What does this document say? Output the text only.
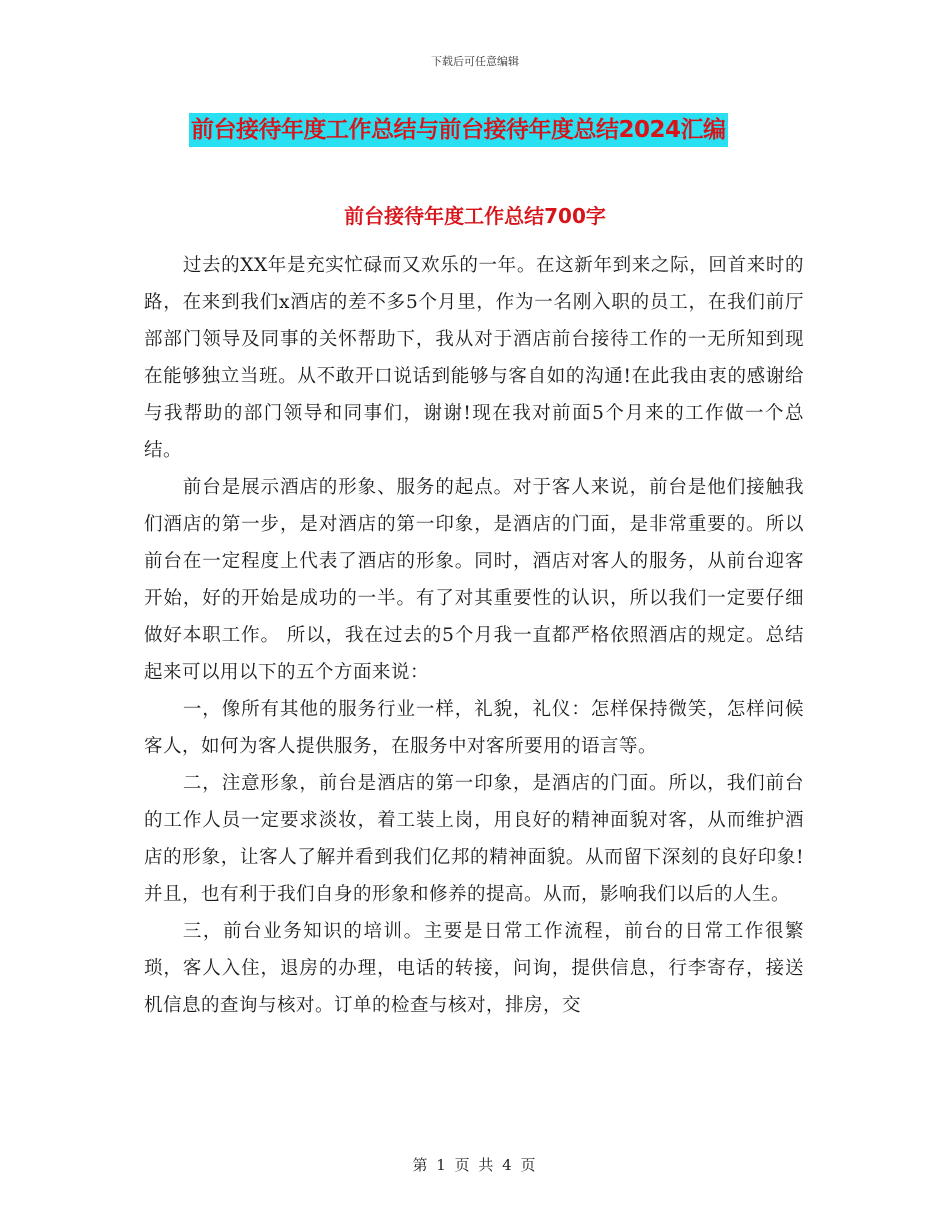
下载后可任意编辑
前台接待年度工作总结与前台接待年度总结2024汇编
前台接待年度工作总结700字

过去的XX年是充实忙碌而又欢乐的一年。在这新年到来之际，回首来时的路，在来到我们x酒店的差不多5个月里，作为一名刚入职的员工，在我们前厅部部门领导及同事的关怀帮助下，我从对于酒店前台接待工作的一无所知到现在能够独立当班。从不敢开口说话到能够与客自如的沟通!在此我由衷的感谢给与我帮助的部门领导和同事们，谢谢!现在我对前面5个月来的工作做一个总结。

前台是展示酒店的形象、服务的起点。对于客人来说，前台是他们接触我们酒店的第一步，是对酒店的第一印象，是酒店的门面，是非常重要的。所以前台在一定程度上代表了酒店的形象。同时，酒店对客人的服务，从前台迎客开始，好的开始是成功的一半。有了对其重要性的认识，所以我们一定要仔细做好本职工作。 所以，我在过去的5个月我一直都严格依照酒店的规定。总结起来可以用以下的五个方面来说：

一，像所有其他的服务行业一样，礼貌，礼仪：怎样保持微笑，怎样问候客人，如何为客人提供服务，在服务中对客所要用的语言等。

二，注意形象，前台是酒店的第一印象，是酒店的门面。所以，我们前台的工作人员一定要求淡妆，着工装上岗，用良好的精神面貌对客，从而维护酒店的形象，让客人了解并看到我们亿邦的精神面貌。从而留下深刻的良好印象!并且，也有利于我们自身的形象和修养的提高。从而，影响我们以后的人生。

三，前台业务知识的培训。主要是日常工作流程，前台的日常工作很繁琐，客人入住，退房的办理，电话的转接，问询，提供信息，行李寄存，接送机信息的查询与核对。订单的检查与核对，排房，交

第 1 页 共 4 页
